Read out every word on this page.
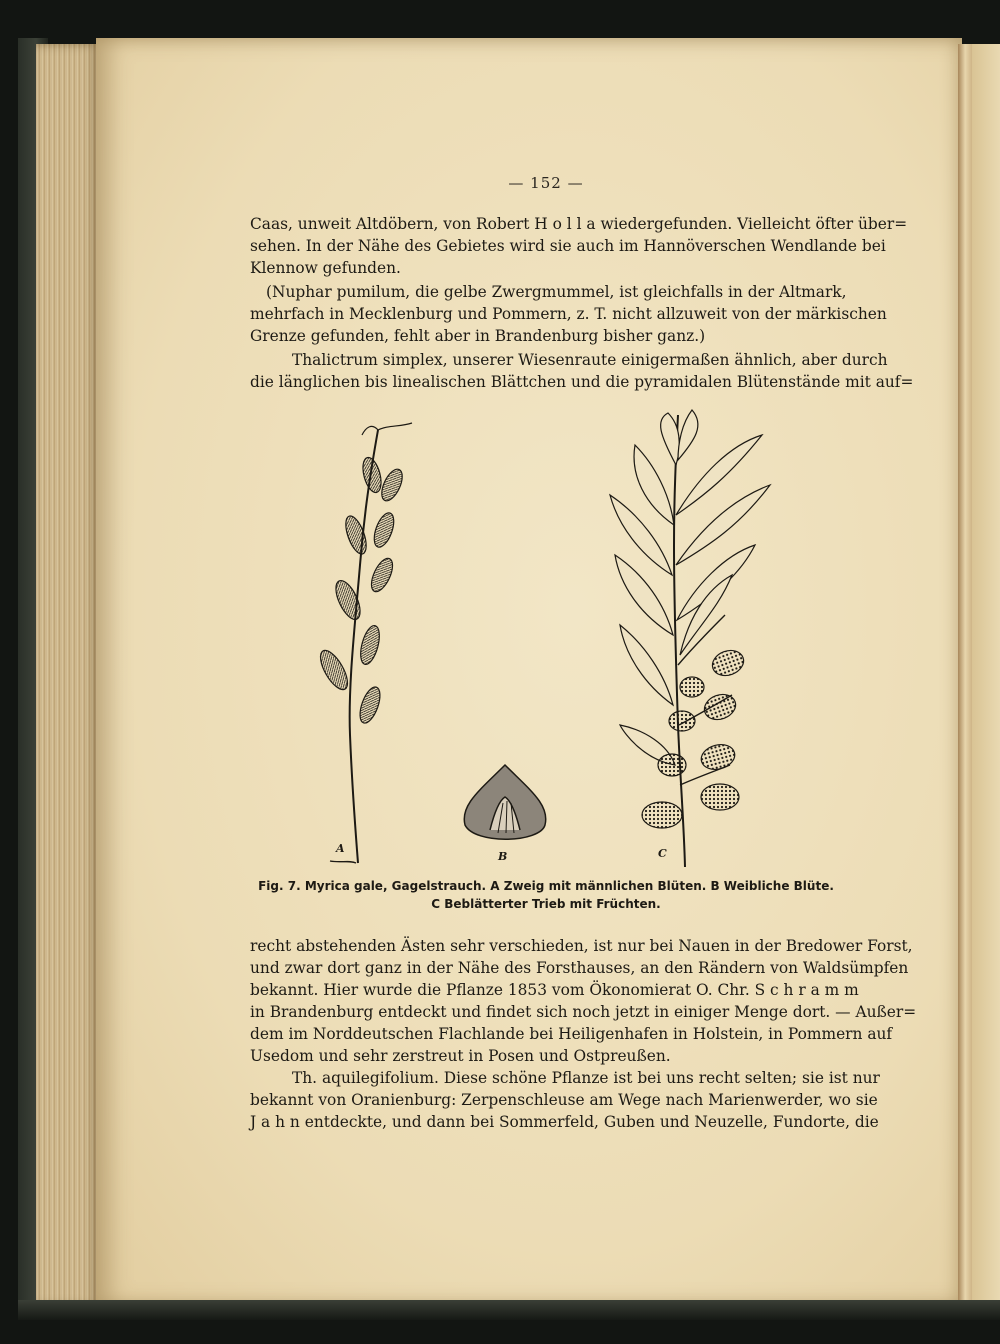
— 152 —
Caas, unweit Altdöbern, von Robert H o l l a wiedergefunden. Vielleicht öfter über=
sehen. In der Nähe des Gebietes wird sie auch im Hannöverschen Wendlande bei
Klennow gefunden.
(Nuphar pumilum, die gelbe Zwergmummel, ist gleichfalls in der Altmark,
mehrfach in Mecklenburg und Pommern, z. T. nicht allzuweit von der märkischen
Grenze gefunden, fehlt aber in Brandenburg bisher ganz.)
Thalictrum simplex, unserer Wiesenraute einigermaßen ähnlich, aber durch
die länglichen bis linealischen Blättchen und die pyramidalen Blütenstände mit auf=
A
B	C
Fig. 7. Myrica gale, Gagelstrauch. A Zweig mit männlichen Blüten. B Weibliche Blüte.
C Beblätterter Trieb mit Früchten.
recht abstehenden Ästen sehr verschieden, ist nur bei Nauen in der Bredower Forst,
und zwar dort ganz in der Nähe des Forsthauses, an den Rändern von Waldsümpfen
bekannt. Hier wurde die Pflanze 1853 vom Ökonomierat O. Chr. S c h r a m m
in Brandenburg entdeckt und findet sich noch jetzt in einiger Menge dort. — Außer=
dem im Norddeutschen Flachlande bei Heiligenhafen in Holstein, in Pommern auf
Usedom und sehr zerstreut in Posen und Ostpreußen.
Th. aquilegifolium. Diese schöne Pflanze ist bei uns recht selten; sie ist nur
bekannt von Oranienburg: Zerpenschleuse am Wege nach Marienwerder, wo sie
J a h n entdeckte, und dann bei Sommerfeld, Guben und Neuzelle, Fundorte, die
